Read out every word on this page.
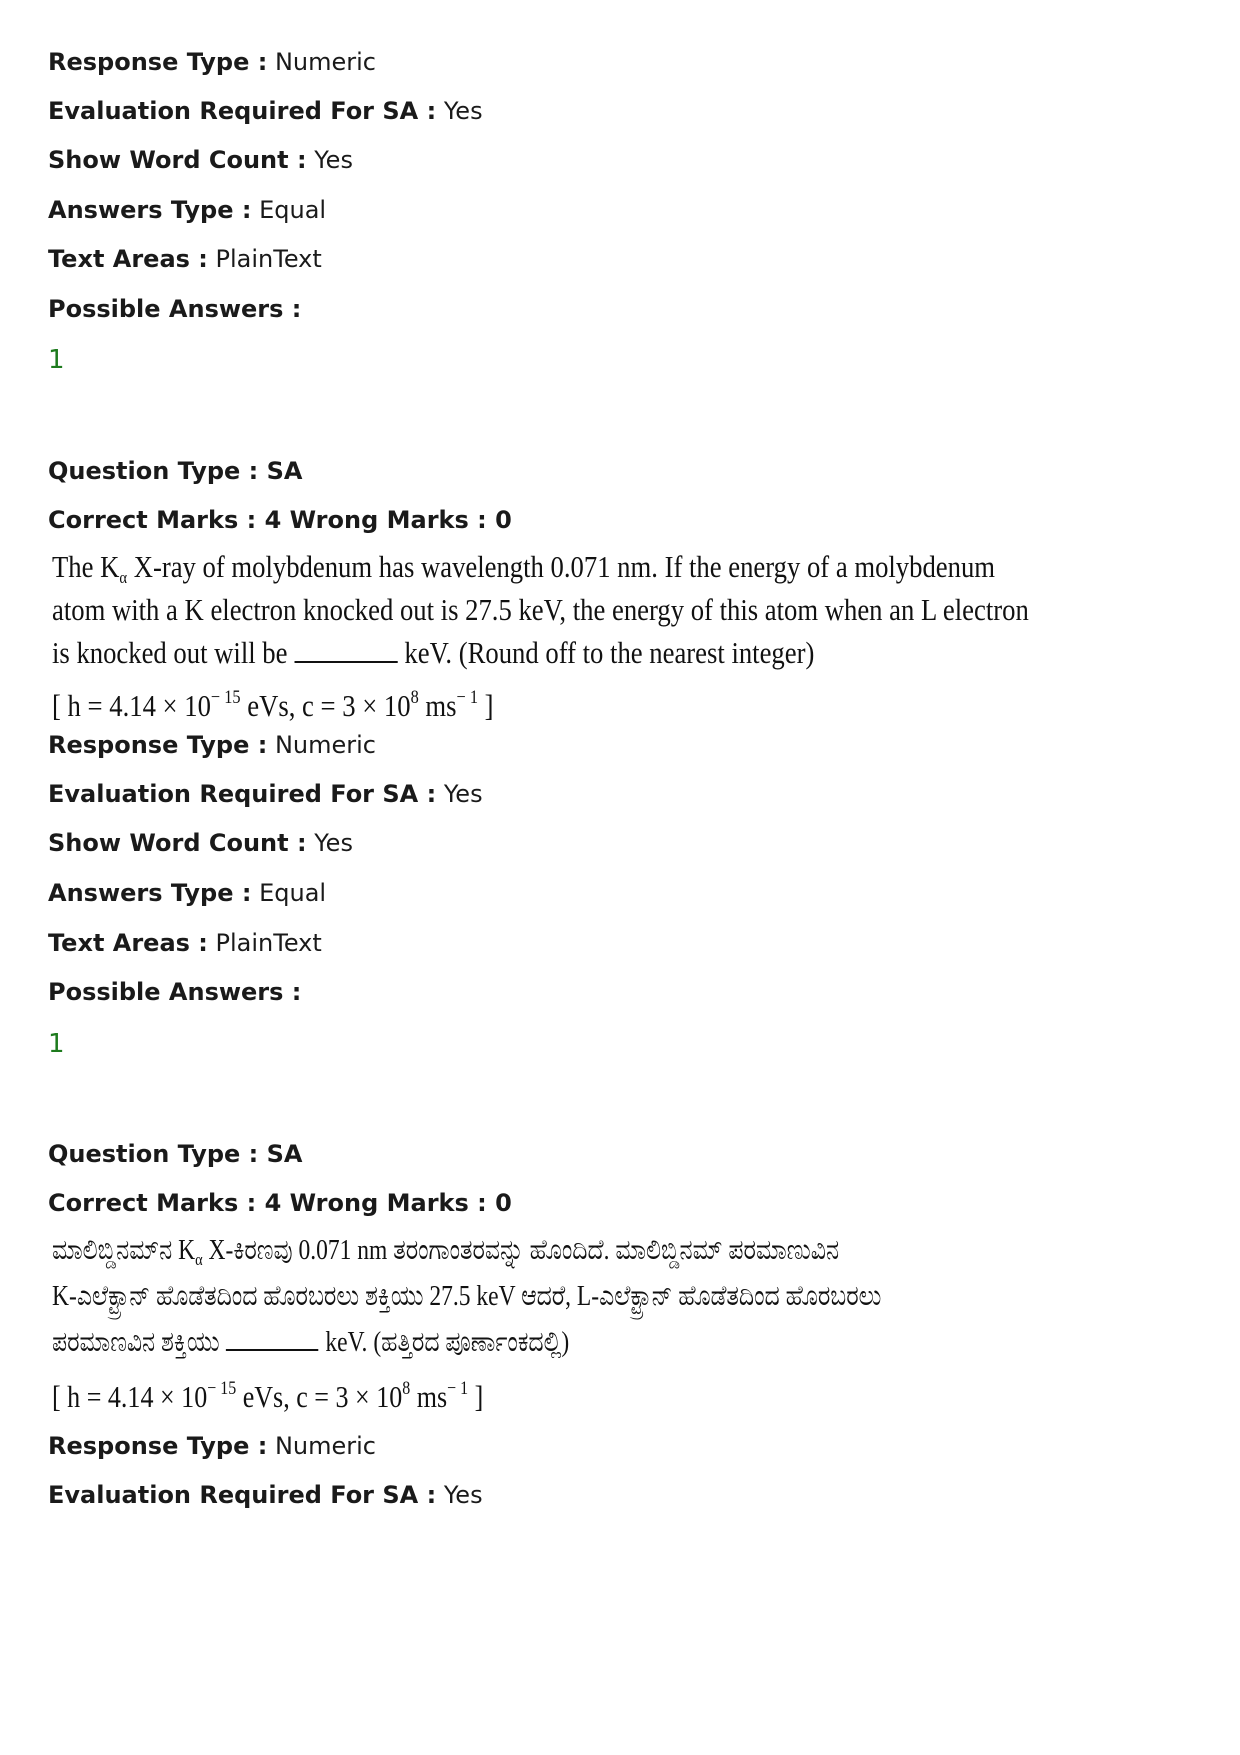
Response Type : Numeric
Evaluation Required For SA : Yes
Show Word Count : Yes
Answers Type : Equal
Text Areas : PlainText
Possible Answers :
1
Question Type : SA
Correct Marks : 4 Wrong Marks : 0
The $K_\alpha$ X-ray of molybdenum has wavelength 0.071 nm. If the energy of a molybdenum
atom with a K electron knocked out is 27.5 keV, the energy of this atom when an L electron
is knocked out will be	keV. (Round off to the nearest integer)
[ $h = 4.14 \times 10^{- 15}$ eVs, $c = 3 \times 10^8$ $ms^{- 1}$ ]
Response Type : Numeric
Evaluation Required For SA : Yes
Show Word Count : Yes
Answers Type : Equal
Text Areas : PlainText
Possible Answers :
1
Question Type : SA
Correct Marks : 4 Wrong Marks : 0
ಮಾಲಿಬ್ಡಿನಮ್‌ನ $K_\alpha$ X-ಕಿರಣವು 0.071 nm ತರಂಗಾಂತರವನ್ನು ಹೊಂದಿದೆ. ಮಾಲಿಬ್ಡಿನಮ್ ಪರಮಾಣುವಿನ
K-ಎಲೆಕ್ಟ್ರಾನ್ ಹೊಡೆತದಿಂದ ಹೊರಬರಲು ಶಕ್ತಿಯು 27.5 keV ಆದರೆ, L-ಎಲೆಕ್ಟ್ರಾನ್ ಹೊಡೆತದಿಂದ ಹೊರಬರಲು
ಪರಮಾಣವಿನ ಶಕ್ತಿಯು	keV. (ಹತ್ತಿರದ ಪೂರ್ಣಾಂಕದಲ್ಲಿ)
[ $h = 4.14 \times 10^{- 15}$ eVs, $c = 3 \times 10^8$ $ms^{- 1}$ ]
Response Type : Numeric
Evaluation Required For SA : Yes
